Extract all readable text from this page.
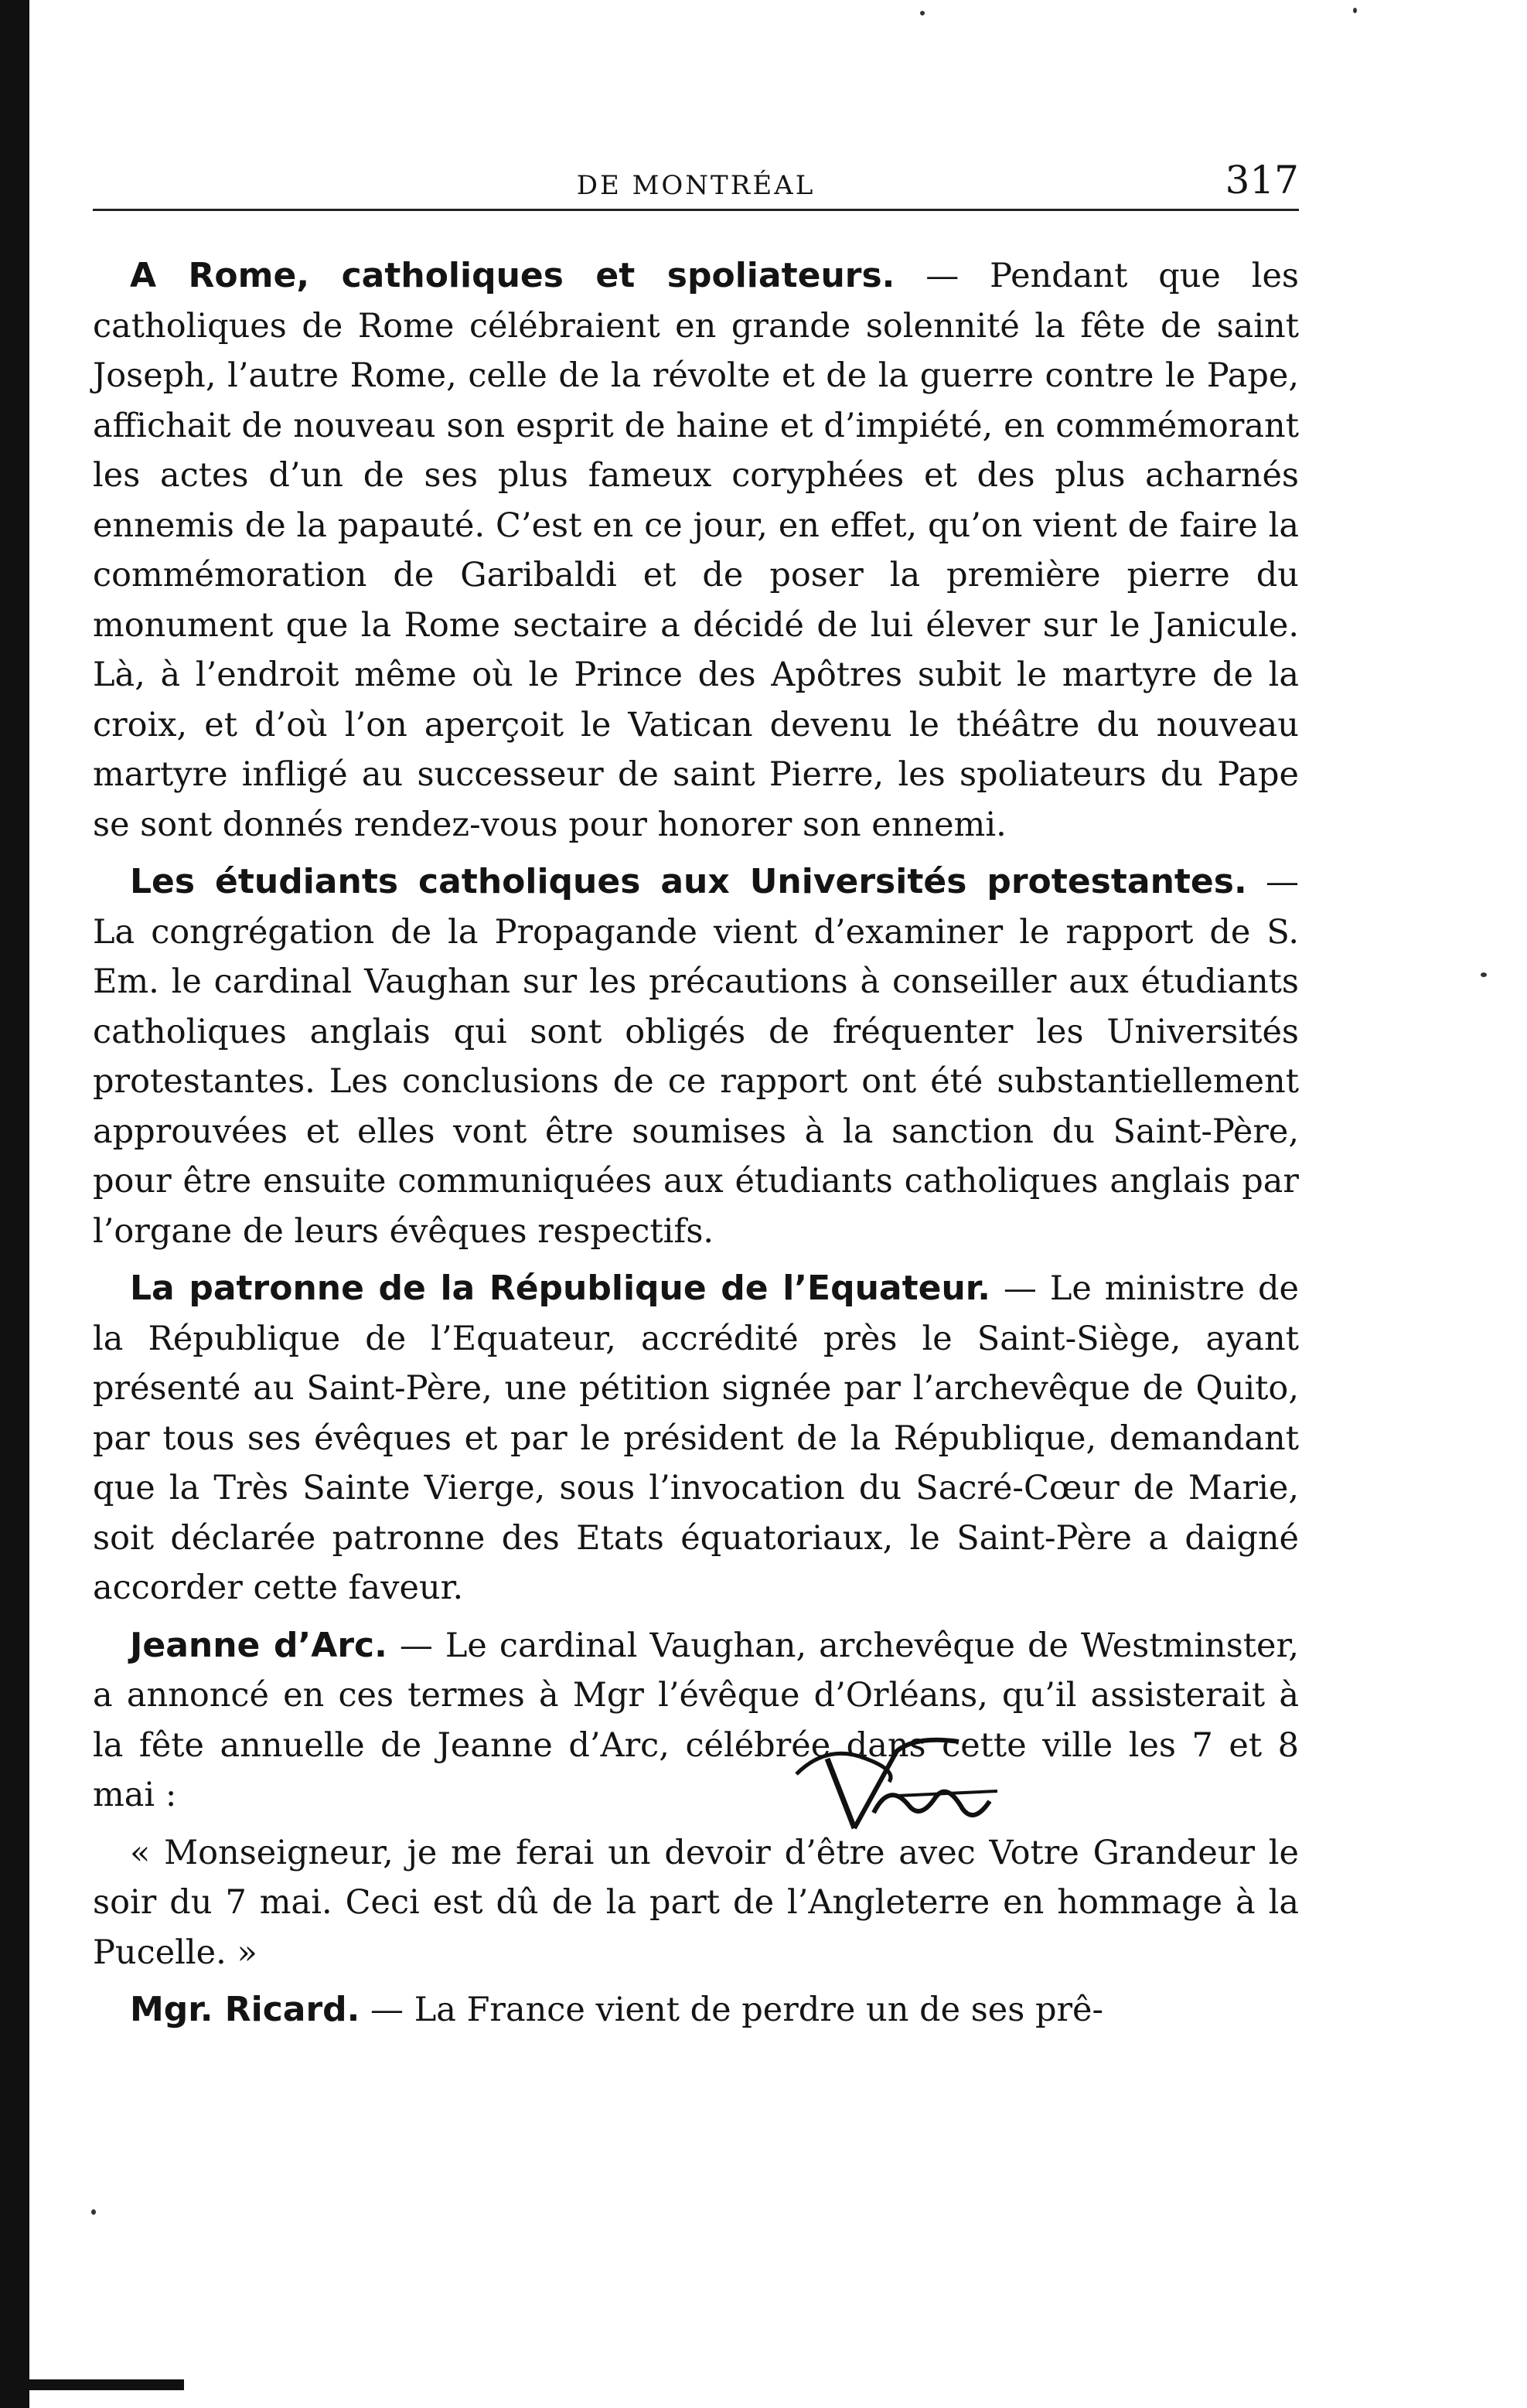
DE MONTRÉAL	317

A Rome, catholiques et spoliateurs. — Pendant que les catholiques de Rome célébraient en grande solennité la fête de saint Joseph, l’autre Rome, celle de la révolte et de la guerre contre le Pape, affichait de nouveau son esprit de haine et d’impiété, en commémorant les actes d’un de ses plus fameux coryphées et des plus acharnés ennemis de la papauté. C’est en ce jour, en effet, qu’on vient de faire la commémoration de Garibaldi et de poser la première pierre du monument que la Rome sectaire a décidé de lui élever sur le Janicule. Là, à l’endroit même où le Prince des Apôtres subit le martyre de la croix, et d’où l’on aperçoit le Vatican devenu le théâtre du nouveau martyre infligé au successeur de saint Pierre, les spoliateurs du Pape se sont donnés rendez-vous pour honorer son ennemi.

Les étudiants catholiques aux Universités protestantes. — La congrégation de la Propagande vient d’examiner le rapport de S. Em. le cardinal Vaughan sur les précautions à conseiller aux étudiants catholiques anglais qui sont obligés de fréquenter les Universités protestantes. Les conclusions de ce rapport ont été substantiellement approuvées et elles vont être soumises à la sanction du Saint-Père, pour être ensuite communiquées aux étudiants catholiques anglais par l’organe de leurs évêques respectifs.

La patronne de la République de l’Equateur. — Le ministre de la République de l’Equateur, accrédité près le Saint-Siège, ayant présenté au Saint-Père, une pétition signée par l’archevêque de Quito, par tous ses évêques et par le président de la République, demandant que la Très Sainte Vierge, sous l’invocation du Sacré-Cœur de Marie, soit déclarée patronne des Etats équatoriaux, le Saint-Père a daigné accorder cette faveur.

Jeanne d’Arc. — Le cardinal Vaughan, archevêque de Westminster, a annoncé en ces termes à Mgr l’évêque d’Orléans, qu’il assisterait à la fête annuelle de Jeanne d’Arc, célébrée dans cette ville les 7 et 8 mai :

« Monseigneur, je me ferai un devoir d’être avec Votre Grandeur le soir du 7 mai. Ceci est dû de la part de l’Angleterre en hommage à la Pucelle. »

Mgr. Ricard. — La France vient de perdre un de ses prê-
